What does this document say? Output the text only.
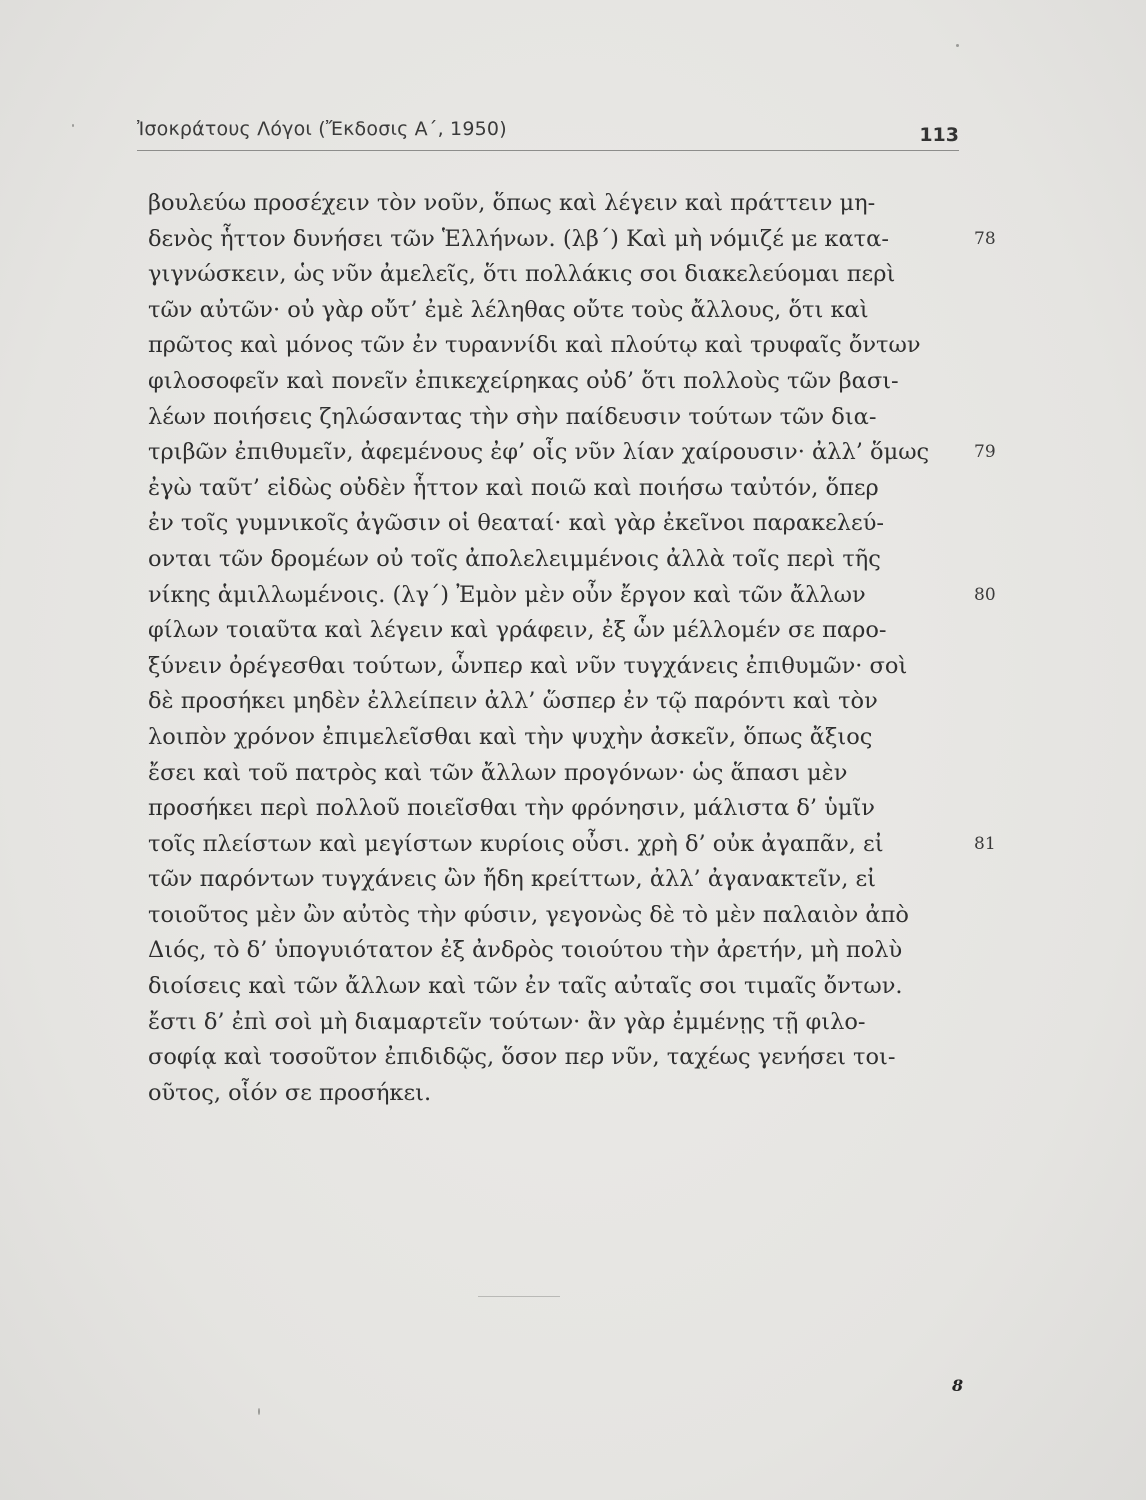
Ἰσοκράτους Λόγοι (Ἔκδοσις Α΄, 1950)	113
βουλεύω προσέχειν τὸν νοῦν, ὅπως καὶ λέγειν καὶ πράττειν μη-
δενὸς ἧττον δυνήσει τῶν Ἑλλήνων. (λβ΄) Καὶ μὴ νόμιζέ με κατα-	78
γιγνώσκειν, ὡς νῦν ἀμελεῖς, ὅτι πολλάκις σοι διακελεύομαι περὶ
τῶν αὐτῶν· οὐ γὰρ οὔτ’ ἐμὲ λέληθας οὔτε τοὺς ἄλλους, ὅτι καὶ
πρῶτος καὶ μόνος τῶν ἐν τυραννίδι καὶ πλούτῳ καὶ τρυφαῖς ὄντων
φιλοσοφεῖν καὶ πονεῖν ἐπικεχείρηκας οὐδ’ ὅτι πολλοὺς τῶν βασι-
λέων ποιήσεις ζηλώσαντας τὴν σὴν παίδευσιν τούτων τῶν δια-
τριβῶν ἐπιθυμεῖν, ἀφεμένους ἐφ’ οἷς νῦν λίαν χαίρουσιν· ἀλλ’ ὅμως	79
ἐγὼ ταῦτ’ εἰδὼς οὐδὲν ἧττον καὶ ποιῶ καὶ ποιήσω ταὐτόν, ὅπερ
ἐν τοῖς γυμνικοῖς ἀγῶσιν οἱ θεαταί· καὶ γὰρ ἐκεῖνοι παρακελεύ-
ονται τῶν δρομέων οὐ τοῖς ἀπολελειμμένοις ἀλλὰ τοῖς περὶ τῆς
νίκης ἁμιλλωμένοις. (λγ΄) Ἐμὸν μὲν οὖν ἔργον καὶ τῶν ἄλλων	80
φίλων τοιαῦτα καὶ λέγειν καὶ γράφειν, ἐξ ὧν μέλλομέν σε παρο-
ξύνειν ὀρέγεσθαι τούτων, ὧνπερ καὶ νῦν τυγχάνεις ἐπιθυμῶν· σοὶ
δὲ προσήκει μηδὲν ἐλλείπειν ἀλλ’ ὥσπερ ἐν τῷ παρόντι καὶ τὸν
λοιπὸν χρόνον ἐπιμελεῖσθαι καὶ τὴν ψυχὴν ἀσκεῖν, ὅπως ἄξιος
ἔσει καὶ τοῦ πατρὸς καὶ τῶν ἄλλων προγόνων· ὡς ἅπασι μὲν
προσήκει περὶ πολλοῦ ποιεῖσθαι τὴν φρόνησιν, μάλιστα δ’ ὑμῖν
τοῖς πλείστων καὶ μεγίστων κυρίοις οὖσι. χρὴ δ’ οὐκ ἀγαπᾶν, εἰ	81
τῶν παρόντων τυγχάνεις ὢν ἤδη κρείττων, ἀλλ’ ἀγανακτεῖν, εἰ
τοιοῦτος μὲν ὢν αὐτὸς τὴν φύσιν, γεγονὼς δὲ τὸ μὲν παλαιὸν ἀπὸ
Διός, τὸ δ’ ὑπογυιότατον ἐξ ἀνδρὸς τοιούτου τὴν ἀρετήν, μὴ πολὺ
διοίσεις καὶ τῶν ἄλλων καὶ τῶν ἐν ταῖς αὐταῖς σοι τιμαῖς ὄντων.
ἔστι δ’ ἐπὶ σοὶ μὴ διαμαρτεῖν τούτων· ἂν γὰρ ἐμμένῃς τῇ φιλο-
σοφίᾳ καὶ τοσοῦτον ἐπιδιδῷς, ὅσον περ νῦν, ταχέως γενήσει τοι-
οῦτος, οἷόν σε προσήκει.
8
